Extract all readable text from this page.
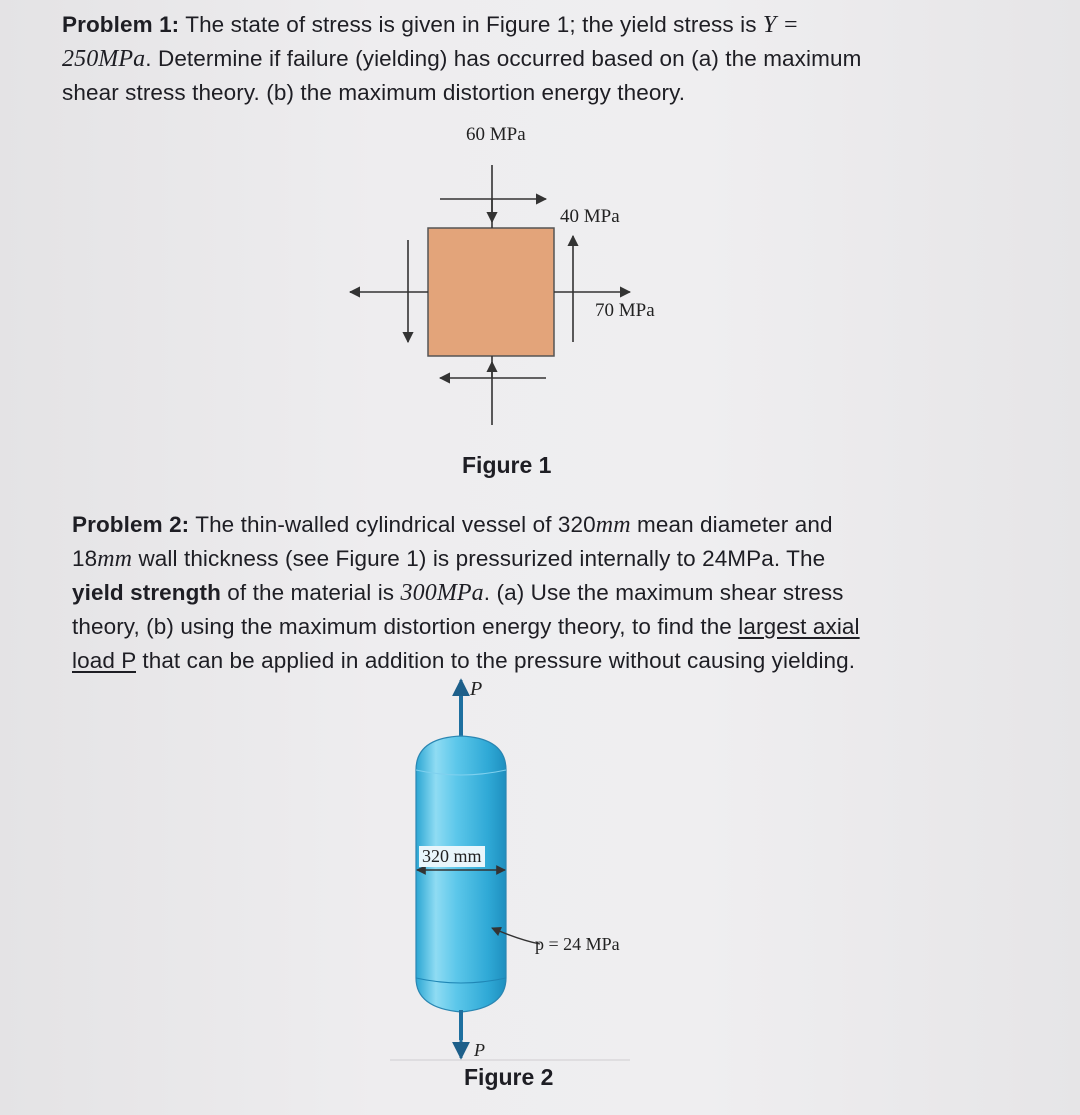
Problem 1: The state of stress is given in Figure 1; the yield stress is Y =
250MPa. Determine if failure (yielding) has occurred based on (a) the maximum
shear stress theory. (b) the maximum distortion energy theory.
60 MPa
40 MPa
70 MPa
Figure 1
Problem 2: The thin-walled cylindrical vessel of 320mm mean diameter and
18mm wall thickness (see Figure 1) is pressurized internally to 24MPa. The
yield strength of the material is 300MPa. (a) Use the maximum shear stress
theory, (b) using the maximum distortion energy theory, to find the largest axial
load P that can be applied in addition to the pressure without causing yielding.
P
320 mm
p = 24 MPa
P
Figure 2
